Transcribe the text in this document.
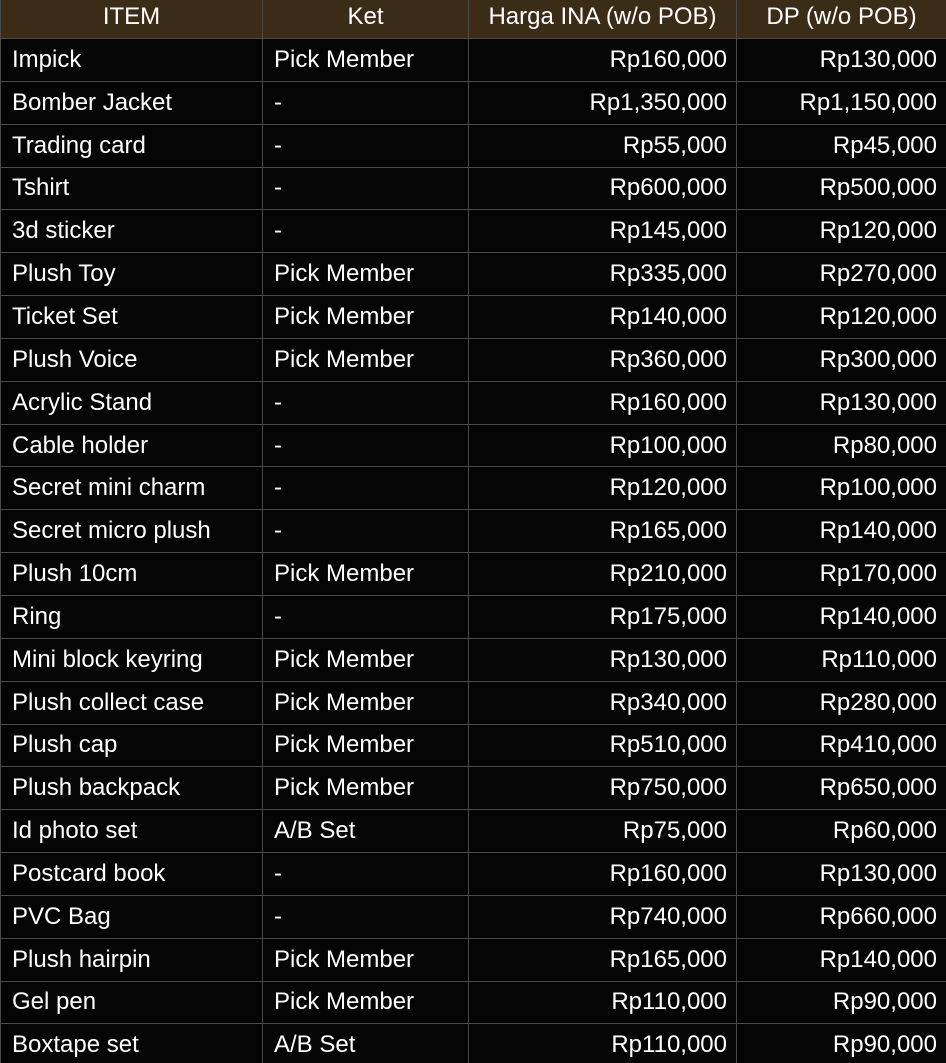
ITEM	Ket	Harga INA (w/o POB)	DP (w/o POB)
Impick	Pick Member	Rp160,000	Rp130,000
Bomber Jacket	-	Rp1,350,000	Rp1,150,000
Trading card	-	Rp55,000	Rp45,000
Tshirt	-	Rp600,000	Rp500,000
3d sticker	-	Rp145,000	Rp120,000
Plush Toy	Pick Member	Rp335,000	Rp270,000
Ticket Set	Pick Member	Rp140,000	Rp120,000
Plush Voice	Pick Member	Rp360,000	Rp300,000
Acrylic Stand	-	Rp160,000	Rp130,000
Cable holder	-	Rp100,000	Rp80,000
Secret mini charm	-	Rp120,000	Rp100,000
Secret micro plush	-	Rp165,000	Rp140,000
Plush 10cm	Pick Member	Rp210,000	Rp170,000
Ring	-	Rp175,000	Rp140,000
Mini block keyring	Pick Member	Rp130,000	Rp110,000
Plush collect case	Pick Member	Rp340,000	Rp280,000
Plush cap	Pick Member	Rp510,000	Rp410,000
Plush backpack	Pick Member	Rp750,000	Rp650,000
Id photo set	A/B Set	Rp75,000	Rp60,000
Postcard book	-	Rp160,000	Rp130,000
PVC Bag	-	Rp740,000	Rp660,000
Plush hairpin	Pick Member	Rp165,000	Rp140,000
Gel pen	Pick Member	Rp110,000	Rp90,000
Boxtape set	A/B Set	Rp110,000	Rp90,000
